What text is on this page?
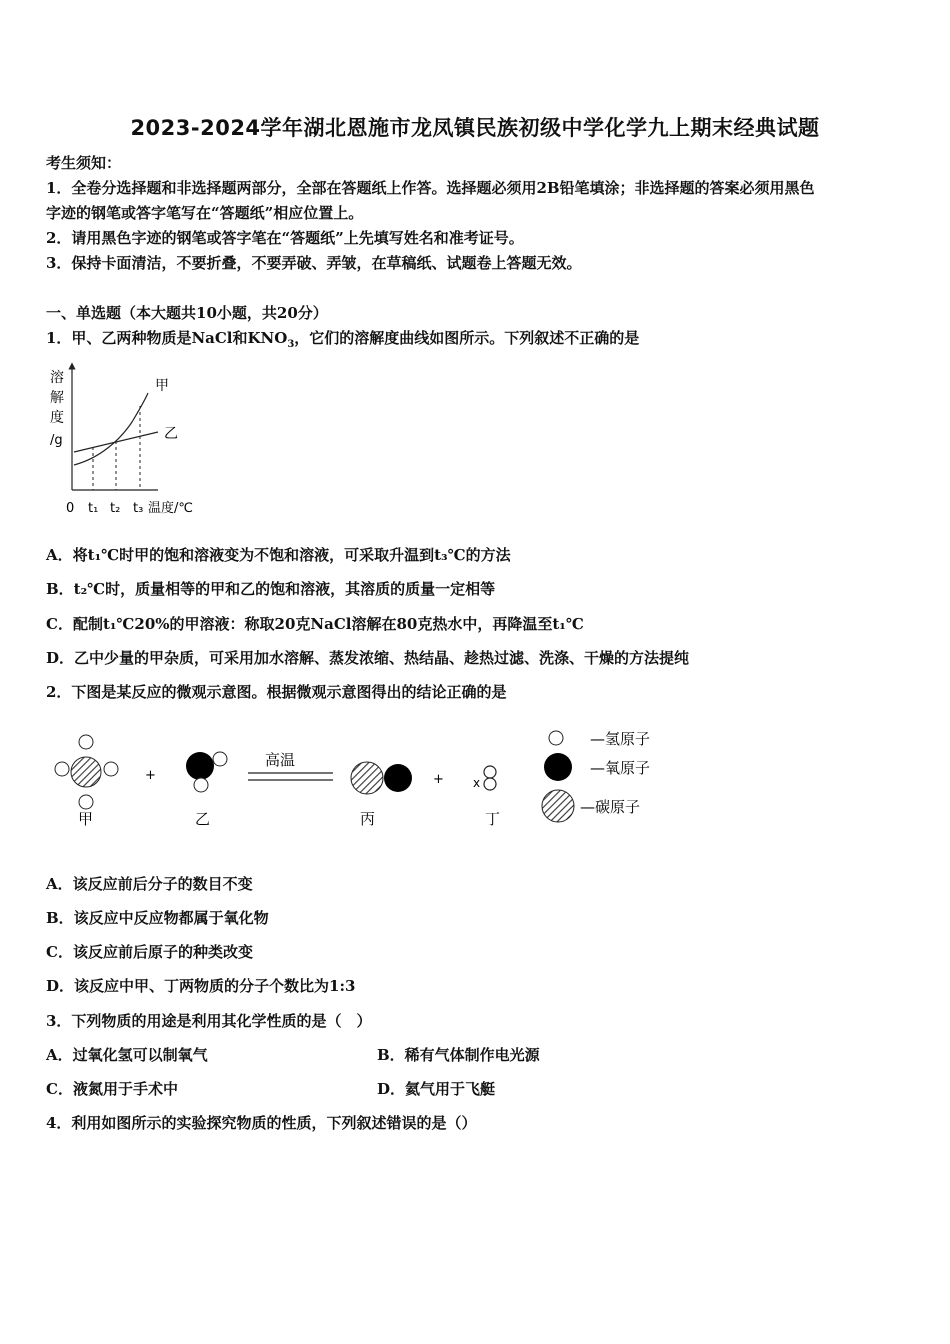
2023-2024学年湖北恩施市龙凤镇民族初级中学化学九上期末经典试题
考生须知：
1．全卷分选择题和非选择题两部分，全部在答题纸上作答。选择题必须用2B铅笔填涂；非选择题的答案必须用黑色
字迹的钢笔或答字笔写在“答题纸”相应位置上。
2．请用黑色字迹的钢笔或答字笔在“答题纸”上先填写姓名和准考证号。
3．保持卡面清洁，不要折叠，不要弄破、弄皱，在草稿纸、试题卷上答题无效。
一、单选题（本大题共10小题，共20分）
1．甲、乙两种物质是NaCl和$KNO_3$，它们的溶解度曲线如图所示。下列叙述不正确的是
溶
解
度
/g
甲
乙
0 t₁ t₂ t₃ 温度/℃
A．将t₁℃时甲的饱和溶液变为不饱和溶液，可采取升温到t₃℃的方法
B．t₂℃时，质量相等的甲和乙的饱和溶液，其溶质的质量一定相等
C．配制t₁℃20%的甲溶液：称取20克NaCl溶解在80克热水中，再降温至t₁℃
D．乙中少量的甲杂质，可采用加水溶解、蒸发浓缩、热结晶、趁热过滤、洗涤、干燥的方法提纯
2．下图是某反应的微观示意图。根据微观示意图得出的结论正确的是
甲
+
乙
高温
丙
+ x
丁
—氢原子
—氧原子
—碳原子
A．该反应前后分子的数目不变
B．该反应中反应物都属于氧化物
C．该反应前后原子的种类改变
D．该反应中甲、丁两物质的分子个数比为1:3
3．下列物质的用途是利用其化学性质的是（　）
A．过氧化氢可以制氧气	B．稀有气体制作电光源
C．液氮用于手术中	D．氦气用于飞艇
4．利用如图所示的实验探究物质的性质，下列叙述错误的是（）
